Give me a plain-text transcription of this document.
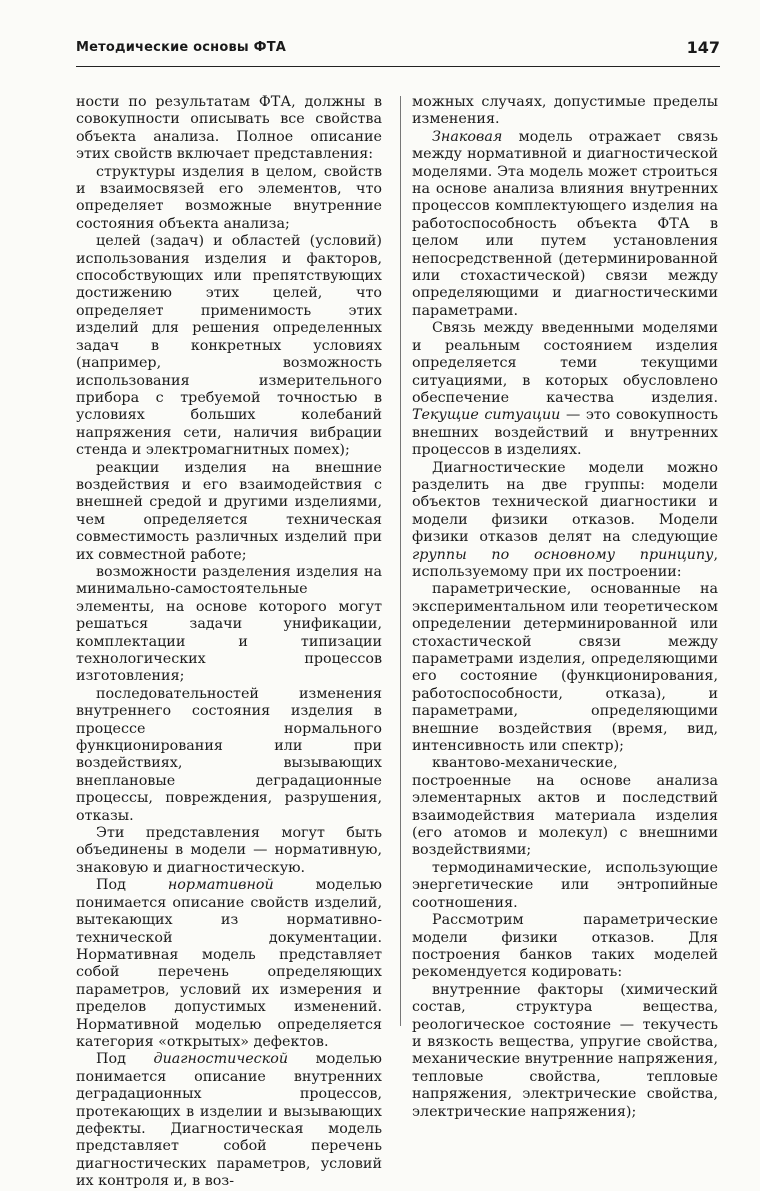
Методические основы ФТА	147

ности по результатам ФТА, должны в совокупности описывать все свойства объекта анализа. Полное описание этих свойств включает представления:

структуры изделия в целом, свойств и взаимосвязей его элементов, что определяет возможные внутренние состояния объекта анализа;

целей (задач) и областей (условий) использования изделия и факторов, способствующих или препятствующих достижению этих целей, что определяет применимость этих изделий для решения определенных задач в конкретных условиях (например, возможность использования измерительного прибора с требуемой точностью в условиях больших колебаний напряжения сети, наличия вибрации стенда и электромагнитных помех);

реакции изделия на внешние воздействия и его взаимодействия с внешней средой и другими изделиями, чем определяется техническая совместимость различных изделий при их совместной работе;

возможности разделения изделия на минимально-самостоятельные элементы, на основе которого могут решаться задачи унификации, комплектации и типизации технологических процессов изготовления;

последовательностей изменения внутреннего состояния изделия в процессе нормального функционирования или при воздействиях, вызывающих внеплановые деградационные процессы, повреждения, разрушения, отказы.

Эти представления могут быть объединены в модели — нормативную, знаковую и диагностическую.

Под нормативной моделью понимается описание свойств изделий, вытекающих из нормативно-технической документации. Нормативная модель представляет собой перечень определяющих параметров, условий их измерения и пределов допустимых изменений. Нормативной моделью определяется категория «открытых» дефектов.

Под диагностической моделью понимается описание внутренних деградационных процессов, протекающих в изделии и вызывающих дефекты. Диагностическая модель представляет собой перечень диагностических параметров, условий их контроля и, в воз-

можных случаях, допустимые пределы изменения.

Знаковая модель отражает связь между нормативной и диагностической моделями. Эта модель может строиться на основе анализа влияния внутренних процессов комплектующего изделия на работоспособность объекта ФТА в целом или путем установления непосредственной (детерминированной или стохастической) связи между определяющими и диагностическими параметрами.

Связь между введенными моделями и реальным состоянием изделия определяется теми текущими ситуациями, в которых обусловлено обеспечение качества изделия. Текущие ситуации — это совокупность внешних воздействий и внутренних процессов в изделиях.

Диагностические модели можно разделить на две группы: модели объектов технической диагностики и модели физики отказов. Модели физики отказов делят на следующие группы по основному принципу, используемому при их построении:

параметрические, основанные на экспериментальном или теоретическом определении детерминированной или стохастической связи между параметрами изделия, определяющими его состояние (функционирования, работоспособности, отказа), и параметрами, определяющими внешние воздействия (время, вид, интенсивность или спектр);

квантово-механические, построенные на основе анализа элементарных актов и последствий взаимодействия материала изделия (его атомов и молекул) с внешними воздействиями;

термодинамические, использующие энергетические или энтропийные соотношения.

Рассмотрим параметрические модели физики отказов. Для построения банков таких моделей рекомендуется кодировать:

внутренние факторы (химический состав, структура вещества, реологическое состояние — текучесть и вязкость вещества, упругие свойства, механические внутренние напряжения, тепловые свойства, тепловые напряжения, электрические свойства, электрические напряжения);
